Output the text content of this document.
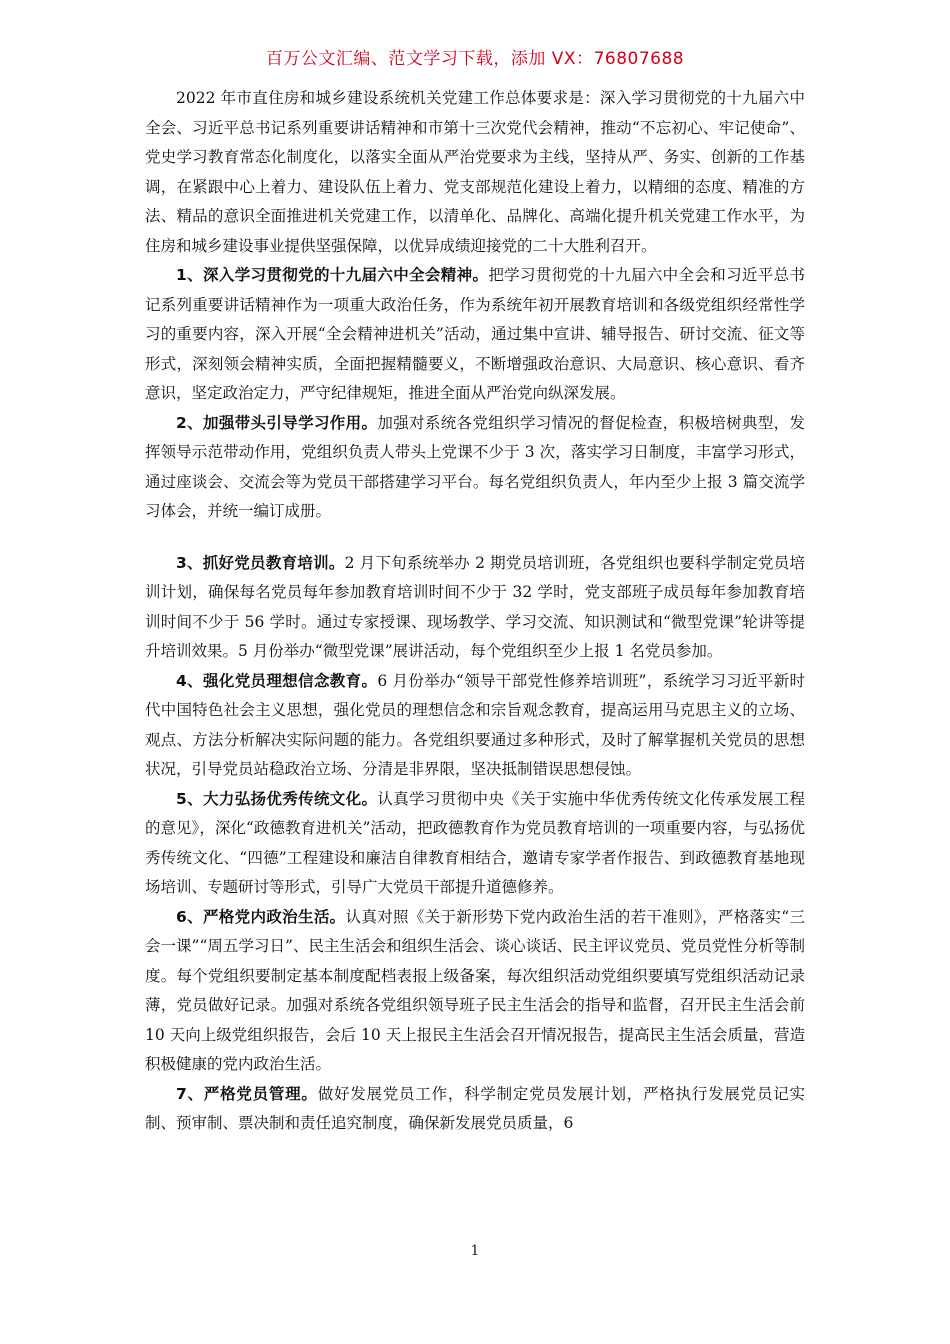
百万公文汇编、范文学习下载，添加 VX：76807688

2022 年市直住房和城乡建设系统机关党建工作总体要求是：深入学习贯彻党的十九届六中全会、习近平总书记系列重要讲话精神和市第十三次党代会精神，推动“不忘初心、牢记使命”、党史学习教育常态化制度化，以落实全面从严治党要求为主线，坚持从严、务实、创新的工作基调，在紧跟中心上着力、建设队伍上着力、党支部规范化建设上着力，以精细的态度、精准的方法、精品的意识全面推进机关党建工作，以清单化、品牌化、高端化提升机关党建工作水平，为住房和城乡建设事业提供坚强保障，以优异成绩迎接党的二十大胜利召开。

1、深入学习贯彻党的十九届六中全会精神。把学习贯彻党的十九届六中全会和习近平总书记系列重要讲话精神作为一项重大政治任务，作为系统年初开展教育培训和各级党组织经常性学习的重要内容，深入开展“全会精神进机关”活动，通过集中宣讲、辅导报告、研讨交流、征文等形式，深刻领会精神实质，全面把握精髓要义，不断增强政治意识、大局意识、核心意识、看齐意识，坚定政治定力，严守纪律规矩，推进全面从严治党向纵深发展。

2、加强带头引导学习作用。加强对系统各党组织学习情况的督促检查，积极培树典型，发挥领导示范带动作用，党组织负责人带头上党课不少于 3 次，落实学习日制度，丰富学习形式，通过座谈会、交流会等为党员干部搭建学习平台。每名党组织负责人，年内至少上报 3 篇交流学习体会，并统一编订成册。

3、抓好党员教育培训。2 月下旬系统举办 2 期党员培训班，各党组织也要科学制定党员培训计划，确保每名党员每年参加教育培训时间不少于 32 学时，党支部班子成员每年参加教育培训时间不少于 56 学时。通过专家授课、现场教学、学习交流、知识测试和“微型党课”轮讲等提升培训效果。5 月份举办“微型党课”展讲活动，每个党组织至少上报 1 名党员参加。

4、强化党员理想信念教育。6 月份举办“领导干部党性修养培训班”，系统学习习近平新时代中国特色社会主义思想，强化党员的理想信念和宗旨观念教育，提高运用马克思主义的立场、观点、方法分析解决实际问题的能力。各党组织要通过多种形式，及时了解掌握机关党员的思想状况，引导党员站稳政治立场、分清是非界限，坚决抵制错误思想侵蚀。

5、大力弘扬优秀传统文化。认真学习贯彻中央《关于实施中华优秀传统文化传承发展工程的意见》，深化“政德教育进机关”活动，把政德教育作为党员教育培训的一项重要内容，与弘扬优秀传统文化、“四德”工程建设和廉洁自律教育相结合，邀请专家学者作报告、到政德教育基地现场培训、专题研讨等形式，引导广大党员干部提升道德修养。

6、严格党内政治生活。认真对照《关于新形势下党内政治生活的若干准则》，严格落实“三会一课”“周五学习日”、民主生活会和组织生活会、谈心谈话、民主评议党员、党员党性分析等制度。每个党组织要制定基本制度配档表报上级备案，每次组织活动党组织要填写党组织活动记录薄，党员做好记录。加强对系统各党组织领导班子民主生活会的指导和监督，召开民主生活会前 10 天向上级党组织报告，会后 10 天上报民主生活会召开情况报告，提高民主生活会质量，营造积极健康的党内政治生活。

7、严格党员管理。做好发展党员工作，科学制定党员发展计划，严格执行发展党员记实制、预审制、票决制和责任追究制度，确保新发展党员质量，6

1
